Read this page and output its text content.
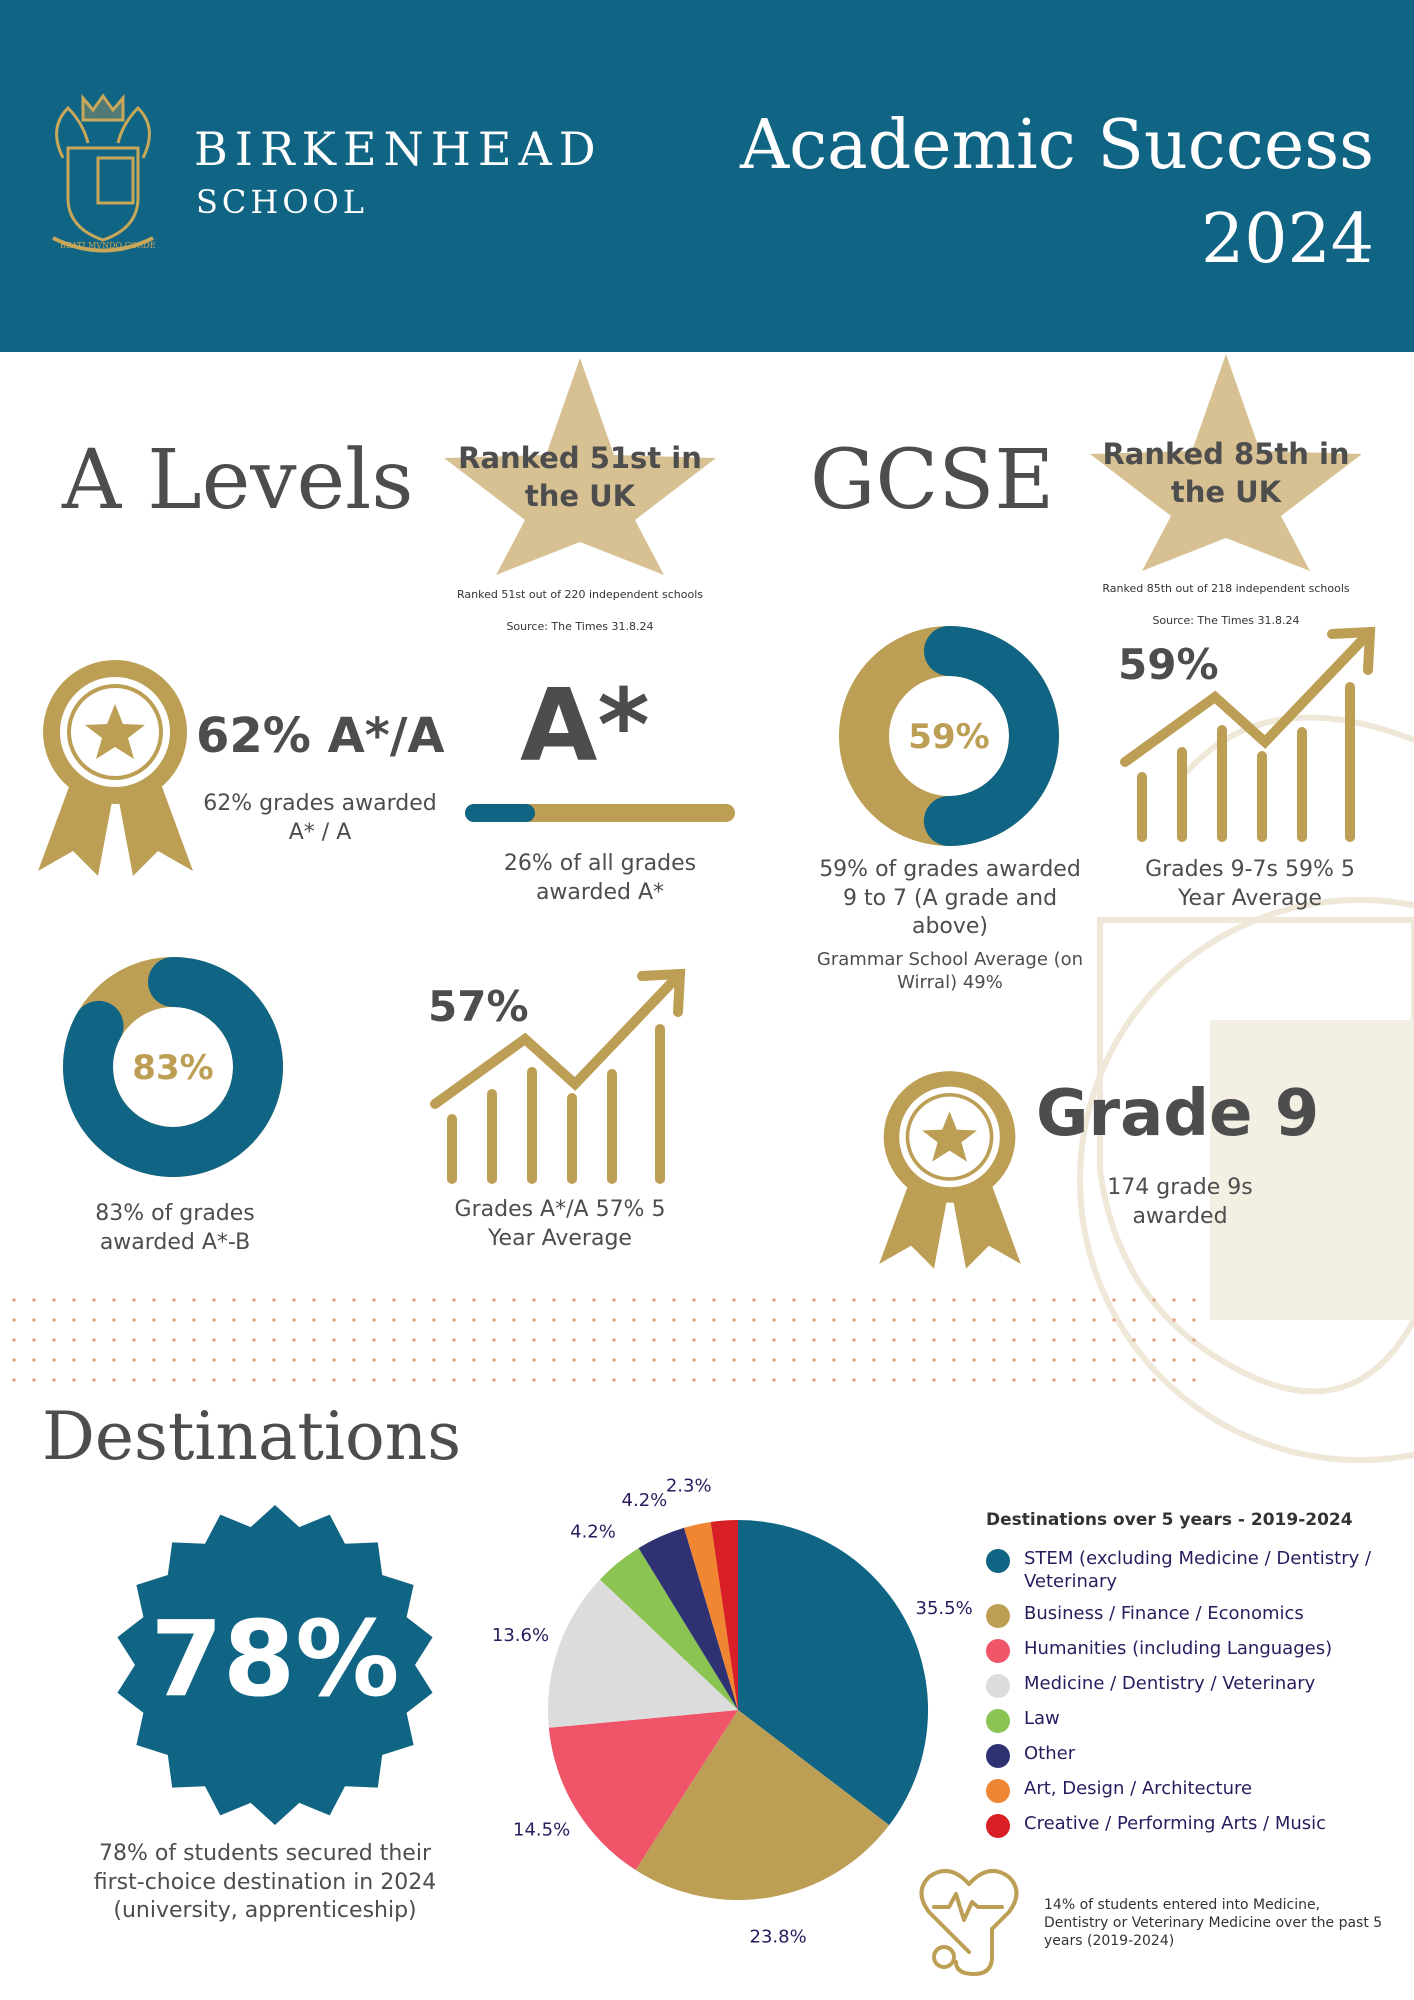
BEATI MVNDO CORDE
BIRKENHEAD
SCHOOL
Academic Success
2024
A Levels	Ranked 51st in the UK
Ranked 51st out of 220 independent schools
Source: The Times 31.8.24
62% A*/A
62% grades awarded A* / A
A*
26% of all grades awarded A*
83%
83% of grades awarded A*-B
57%
Grades A*/A 57% 5 Year Average
GCSE	Ranked 85th in the UK
Ranked 85th out of 218 independent schools
Source: The Times 31.8.24
59%
59% of grades awarded 9 to 7 (A grade and above)
Grammar School Average (on Wirral) 49%
59%
Grades 9-7s 59% 5 Year Average
Grade 9
174 grade 9s awarded
Destinations
78%
78% of students secured their first-choice destination in 2024 (university, apprenticeship)
35.5%
23.8%
14.5%
13.6%
4.2%
4.2%
2.3%
Destinations over 5 years - 2019-2024
STEM (excluding Medicine / Dentistry / Veterinary
Business / Finance / Economics
Humanities (including Languages)
Medicine / Dentistry / Veterinary
Law
Other
Art, Design / Architecture
Creative / Performing Arts / Music
14% of students entered into Medicine, Dentistry or Veterinary Medicine over the past 5 years (2019-2024)
